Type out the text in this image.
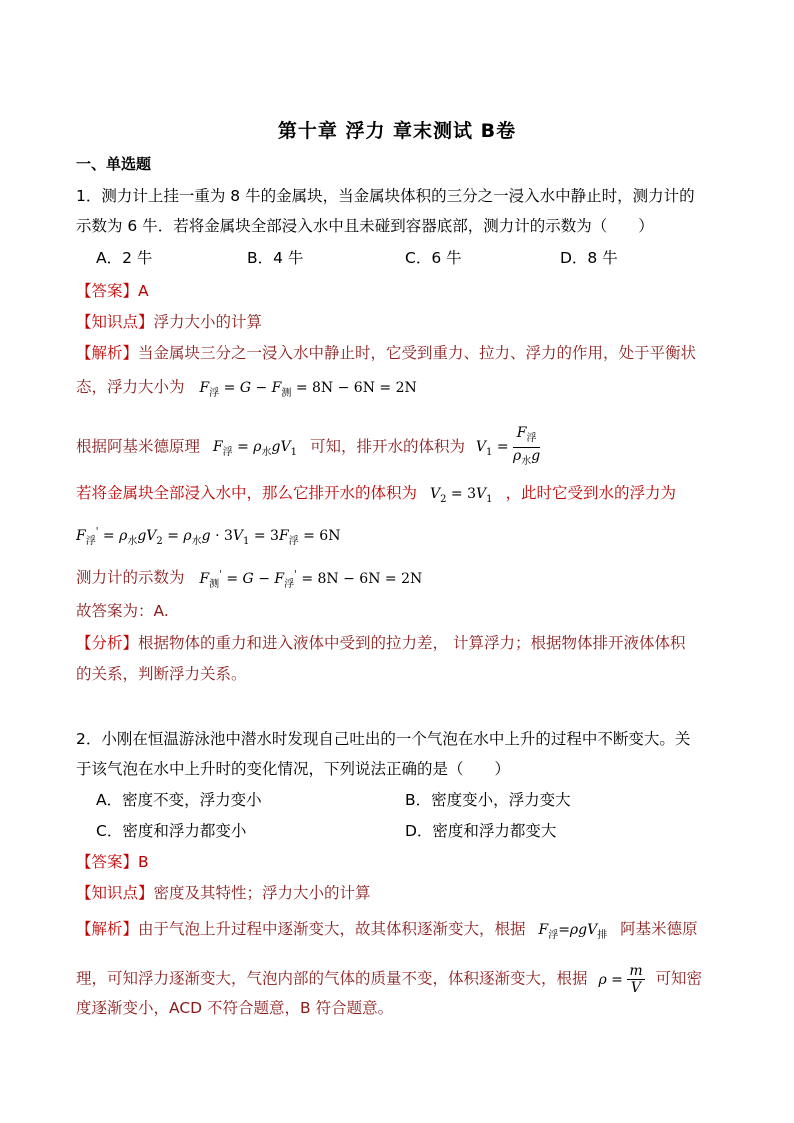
第十章 浮力 章末测试 B卷
一、单选题
1．测力计上挂一重为 8 牛的金属块，当金属块体积的三分之一浸入水中静止时，测力计的
示数为 6 牛．若将金属块全部浸入水中且未碰到容器底部，测力计的示数为（　　）
A．2 牛	B．4 牛	C．6 牛	D．8 牛
【答案】A
【知识点】浮力大小的计算
【解析】当金属块三分之一浸入水中静止时，它受到重力、拉力、浮力的作用，处于平衡状
态，浮力大小为 $F_浮 = G - F_测 = 8N - 6N = 2N$
根据阿基米德原理 $F_浮 = \rho_水gV_1$ 可知，排开水的体积为 $V_1 = \frac{F_浮}{\rho_水g}$
若将金属块全部浸入水中，那么它排开水的体积为 $V_2 = 3V_1$ ，此时它受到水的浮力为
$F_浮' = \rho_水gV_2 = \rho_水g \cdot 3V_1 = 3F_浮 = 6N$
测力计的示数为 $F_测' = G - F_浮' = 8N - 6N = 2N$
故答案为：A.
【分析】根据物体的重力和进入液体中受到的拉力差， 计算浮力；根据物体排开液体体积
的关系，判断浮力关系。
2．小刚在恒温游泳池中潜水时发现自己吐出的一个气泡在水中上升的过程中不断变大。关
于该气泡在水中上升时的变化情况，下列说法正确的是（　　）
A．密度不变，浮力变小	B．密度变小，浮力变大
C．密度和浮力都变小	D．密度和浮力都变大
【答案】B
【知识点】密度及其特性；浮力大小的计算
【解析】由于气泡上升过程中逐渐变大，故其体积逐渐变大，根据 $F_浮=\rho gV_排$ 阿基米德原
理，可知浮力逐渐变大，气泡内部的气体的质量不变，体积逐渐变大，根据 $\rho = \frac{m}{V}$ 可知密
度逐渐变小，ACD 不符合题意，B 符合题意。
